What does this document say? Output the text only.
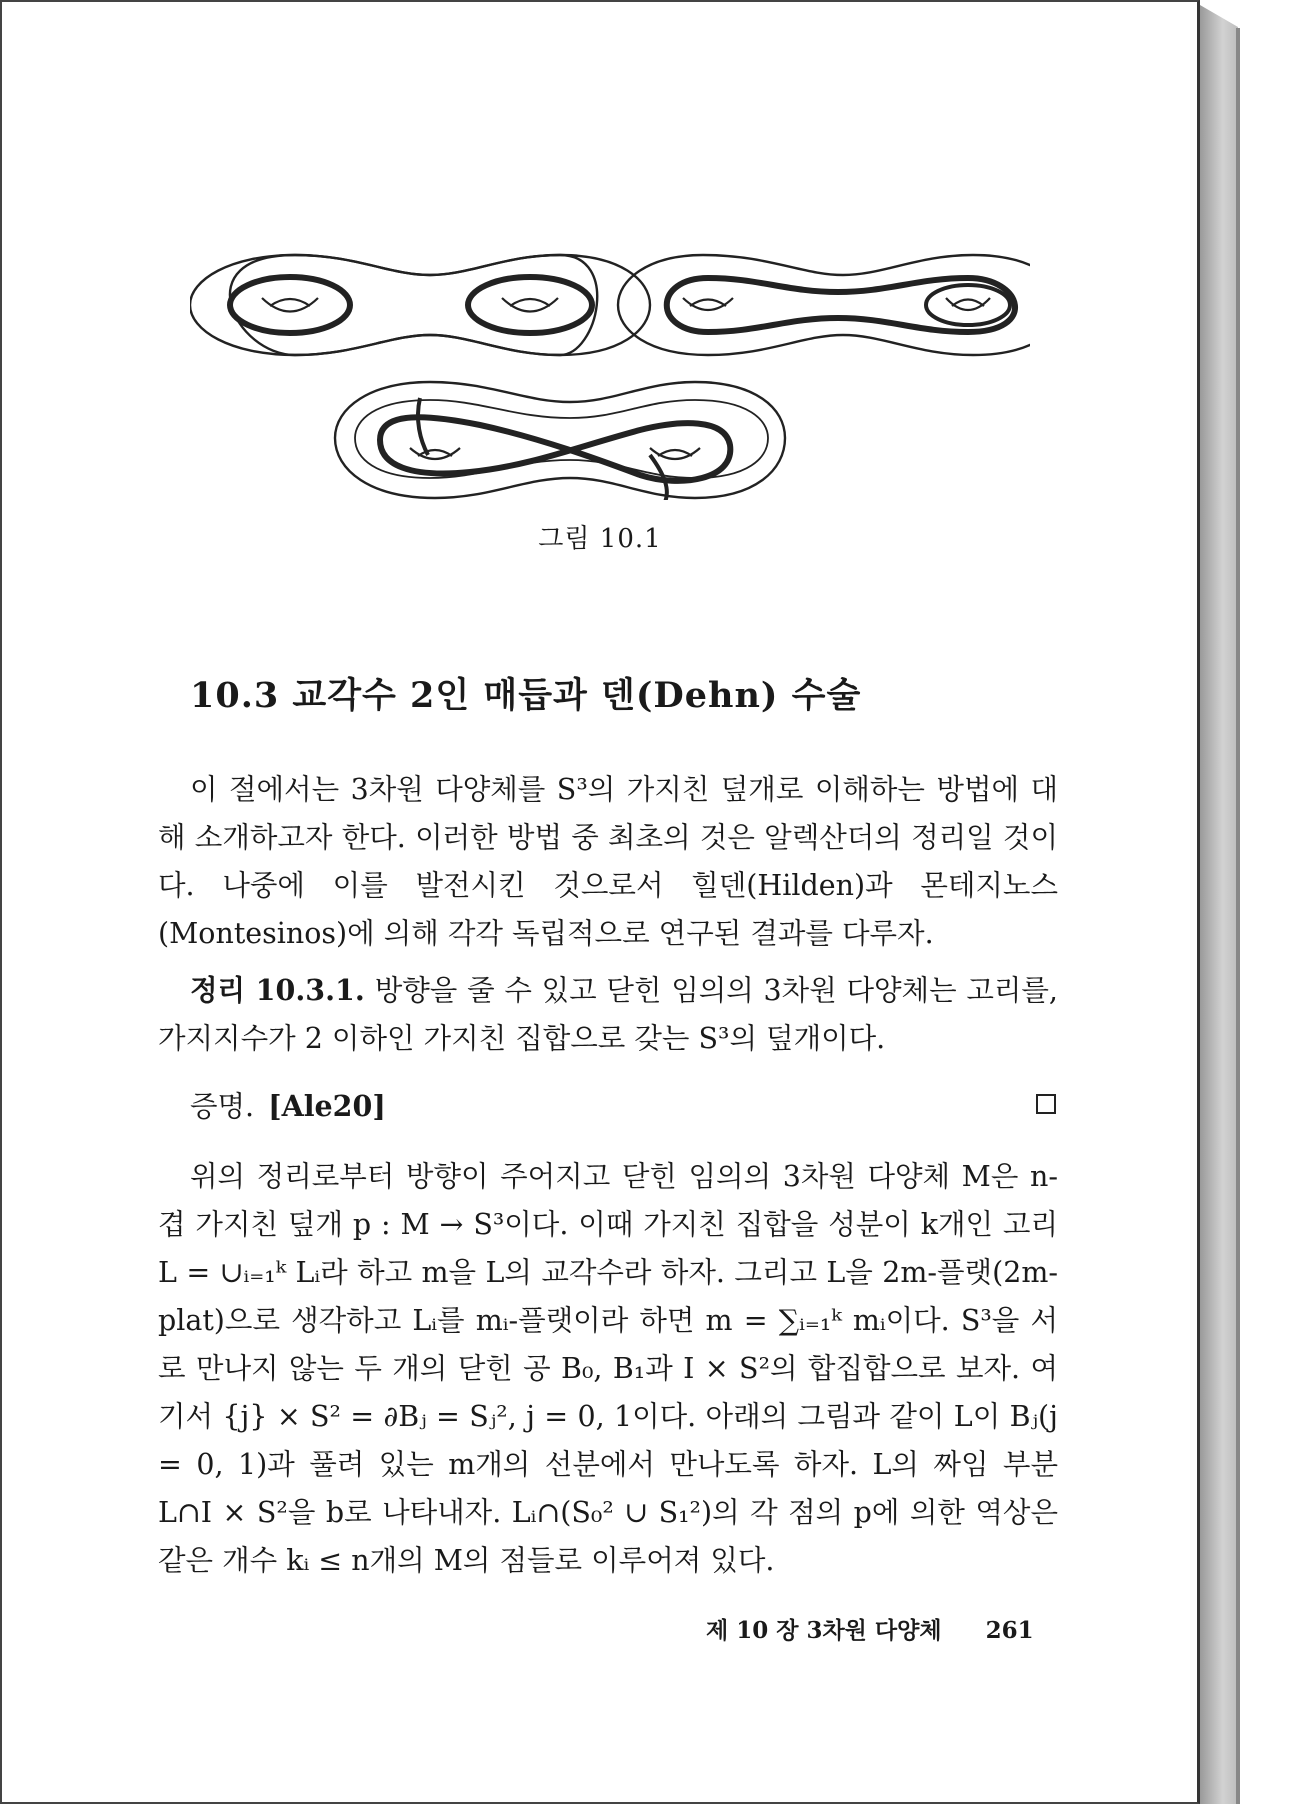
그림 10.1
10.3 교각수 2인 매듭과 덴(Dehn) 수술

이 절에서는 3차원 다양체를 S³의 가지친 덮개로 이해하는 방법에 대해 소개하고자 한다. 이러한 방법 중 최초의 것은 알렉산더의 정리일 것이다. 나중에 이를 발전시킨 것으로서 힐덴(Hilden)과 몬테지노스(Montesinos)에 의해 각각 독립적으로 연구된 결과를 다루자.

정리 10.3.1. 방향을 줄 수 있고 닫힌 임의의 3차원 다양체는 고리를, 가지지수가 2 이하인 가지친 집합으로 갖는 S³의 덮개이다.

증명. [Ale20]

위의 정리로부터 방향이 주어지고 닫힌 임의의 3차원 다양체 M은 n-겹 가지친 덮개 p : M → S³이다. 이때 가지친 집합을 성분이 k개인 고리 L = ∪ᵢ₌₁ᵏ Lᵢ라 하고 m을 L의 교각수라 하자. 그리고 L을 2m-플랫(2m-plat)으로 생각하고 Lᵢ를 mᵢ-플랫이라 하면 m = ∑ᵢ₌₁ᵏ mᵢ이다. S³을 서로 만나지 않는 두 개의 닫힌 공 B₀, B₁과 I × S²의 합집합으로 보자. 여기서 {j} × S² = ∂Bⱼ = Sⱼ², j = 0, 1이다. 아래의 그림과 같이 L이 Bⱼ(j = 0, 1)과 풀려 있는 m개의 선분에서 만나도록 하자. L의 짜임 부분 L∩I × S²을 b로 나타내자. Lᵢ∩(S₀² ∪ S₁²)의 각 점의 p에 의한 역상은 같은 개수 kᵢ ≤ n개의 M의 점들로 이루어져 있다.

제 10 장 3차원 다양체 261
